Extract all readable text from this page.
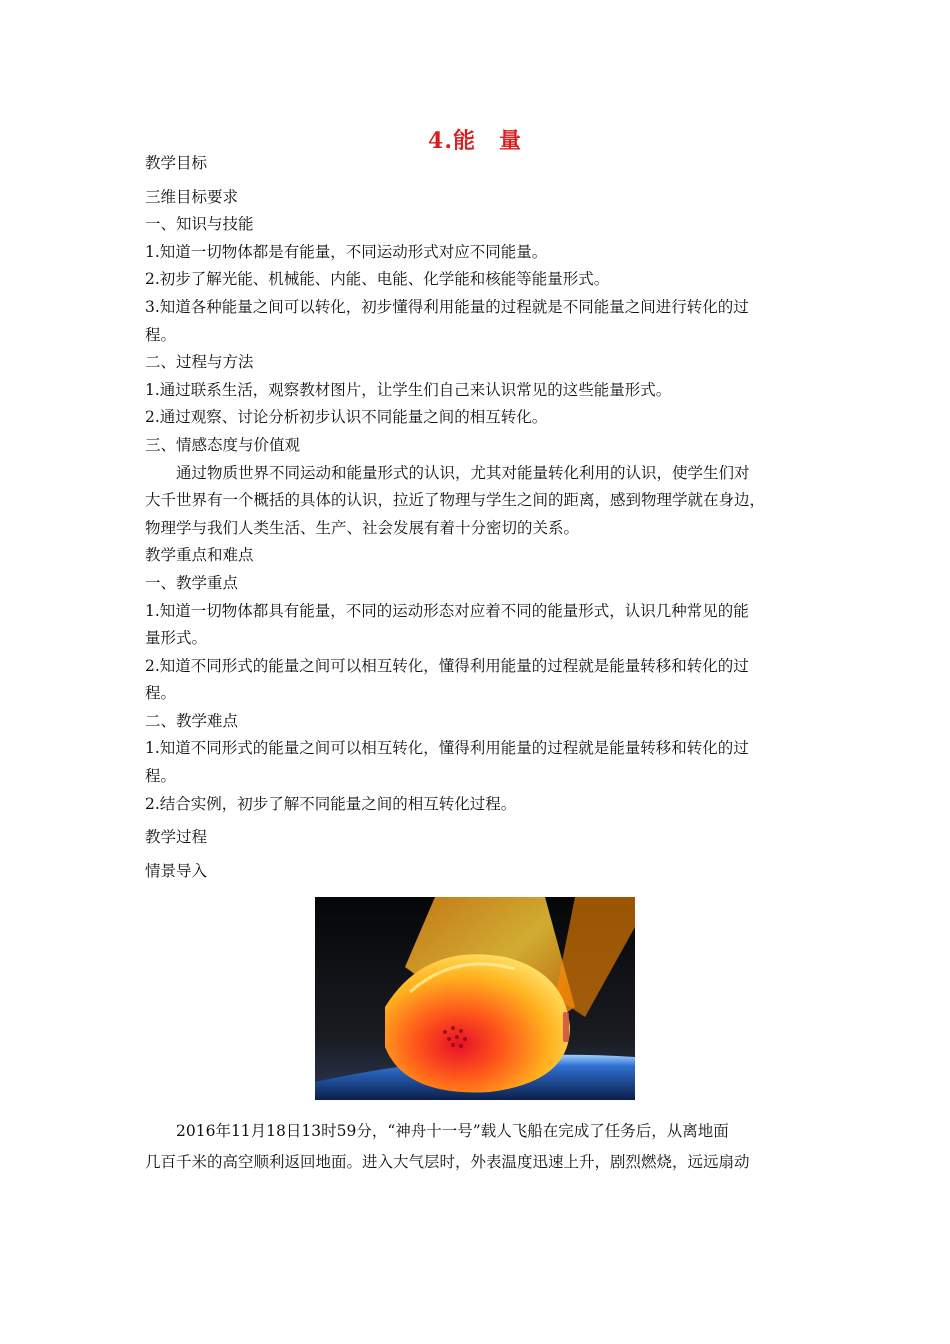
4.能　量

教学目标

三维目标要求

一、知识与技能

1.知道一切物体都是有能量，不同运动形式对应不同能量。

2.初步了解光能、机械能、内能、电能、化学能和核能等能量形式。

3.知道各种能量之间可以转化，初步懂得利用能量的过程就是不同能量之间进行转化的过

程。

二、过程与方法

1.通过联系生活，观察教材图片，让学生们自己来认识常见的这些能量形式。

2.通过观察、讨论分析初步认识不同能量之间的相互转化。

三、情感态度与价值观

通过物质世界不同运动和能量形式的认识，尤其对能量转化利用的认识，使学生们对

大千世界有一个概括的具体的认识，拉近了物理与学生之间的距离，感到物理学就在身边，

物理学与我们人类生活、生产、社会发展有着十分密切的关系。

教学重点和难点

一、教学重点

1.知道一切物体都具有能量，不同的运动形态对应着不同的能量形式，认识几种常见的能

量形式。

2.知道不同形式的能量之间可以相互转化，懂得利用能量的过程就是能量转移和转化的过

程。

二、教学难点

1.知道不同形式的能量之间可以相互转化，懂得利用能量的过程就是能量转移和转化的过

程。

2.结合实例，初步了解不同能量之间的相互转化过程。

教学过程

情景导入

2016年11月18日13时59分，“神舟十一号”载人飞船在完成了任务后，从离地面

几百千米的高空顺利返回地面。进入大气层时，外表温度迅速上升，剧烈燃烧，远远扇动
